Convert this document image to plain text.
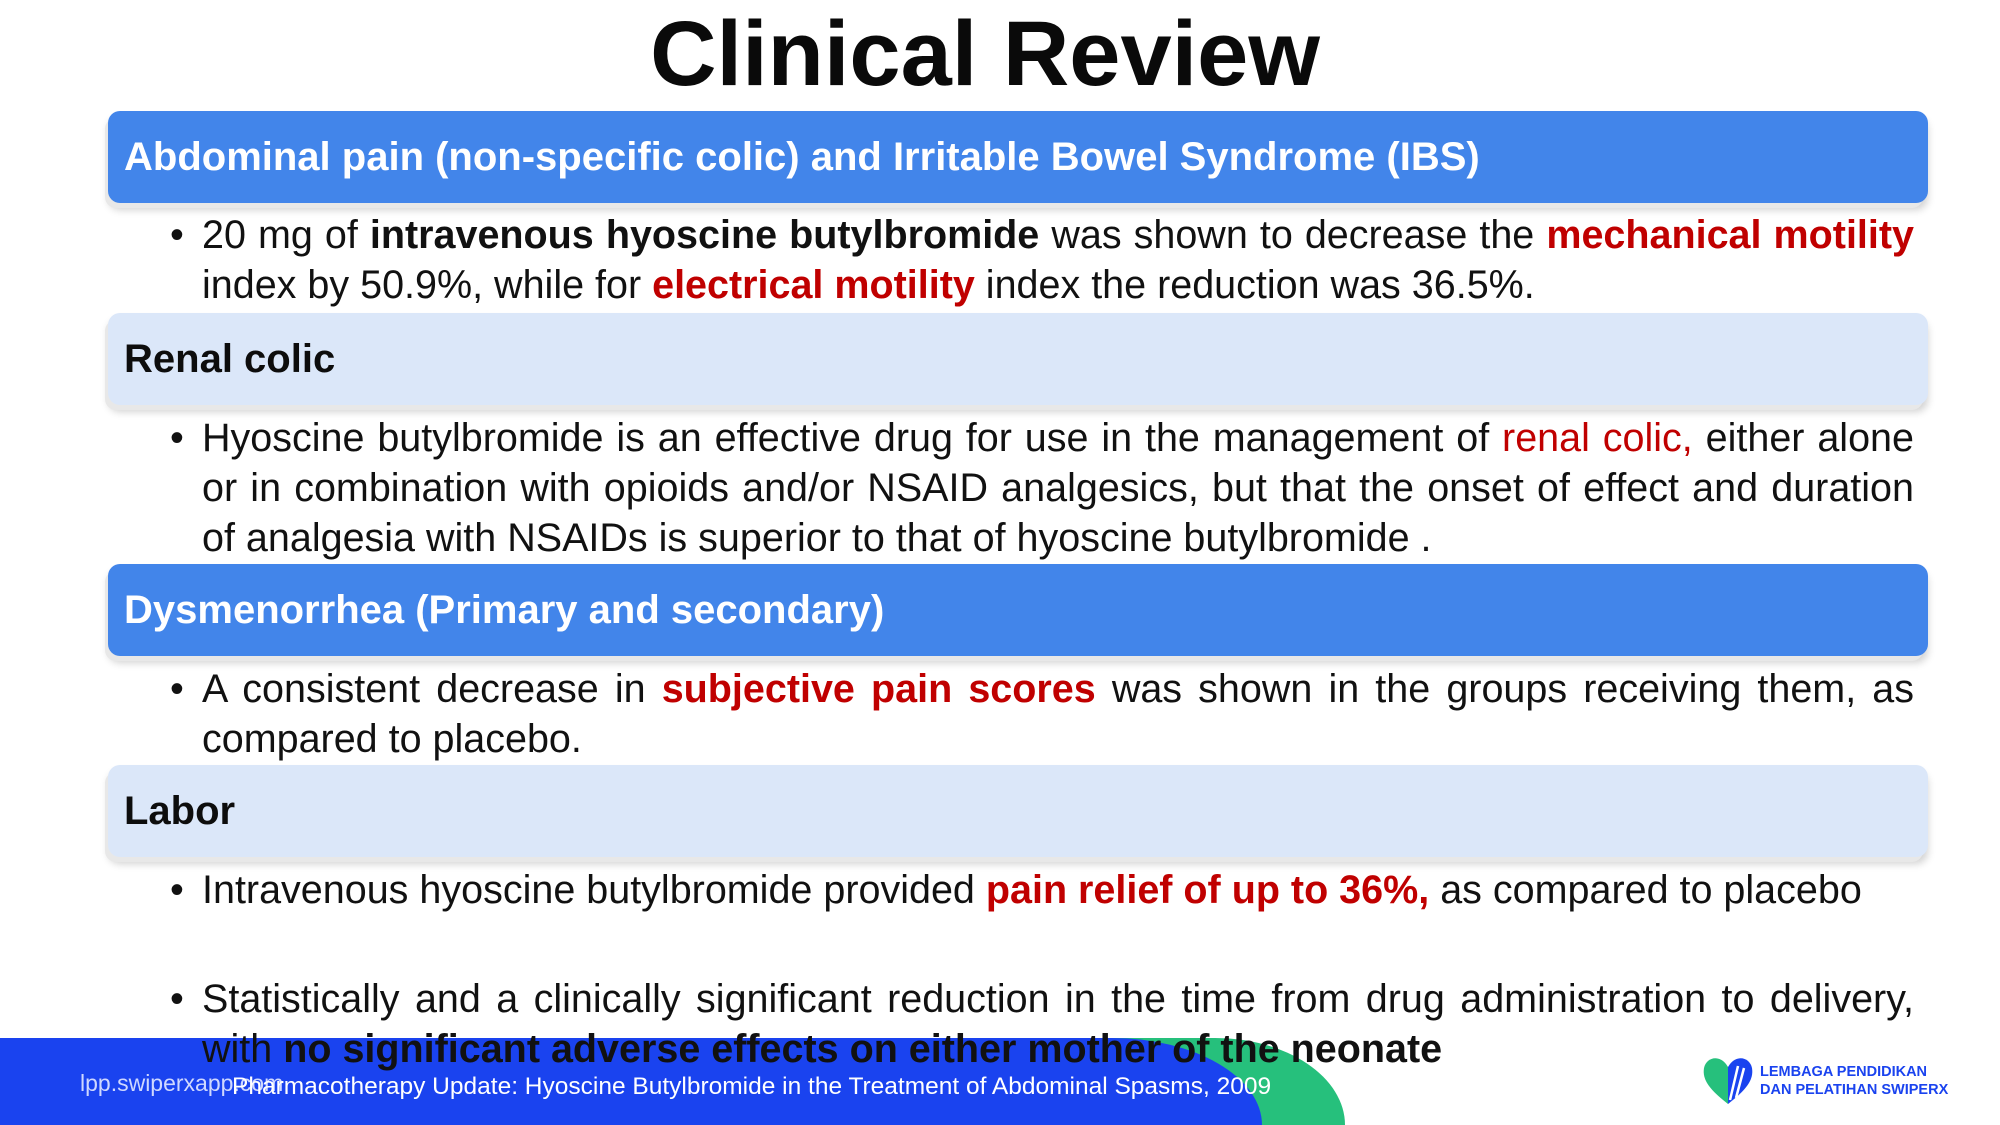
Clinical Review
Abdominal pain (non-specific colic) and Irritable Bowel Syndrome (IBS)
• 20 mg of intravenous hyoscine butylbromide was shown to decrease the mechanical motility index by 50.9%, while for electrical motility index the reduction was 36.5%.
Renal colic
• Hyoscine butylbromide is an effective drug for use in the management of renal colic, either alone or in combination with opioids and/or NSAID analgesics, but that the onset of effect and duration of analgesia with NSAIDs is superior to that of hyoscine butylbromide .
Dysmenorrhea (Primary and secondary)
• A consistent decrease in subjective pain scores was shown in the groups receiving them, as compared to placebo.
Labor
• Intravenous hyoscine butylbromide provided pain relief of up to 36%, as compared to placebo
lpp.swiperxapp.com
Pharmacotherapy Update: Hyoscine Butylbromide in the Treatment of Abdominal Spasms, 2009
• Statistically and a clinically significant reduction in the time from drug administration to delivery, with no significant adverse effects on either mother of the neonate
LEMBAGA PENDIDIKAN
DAN PELATIHAN SWIPERX
